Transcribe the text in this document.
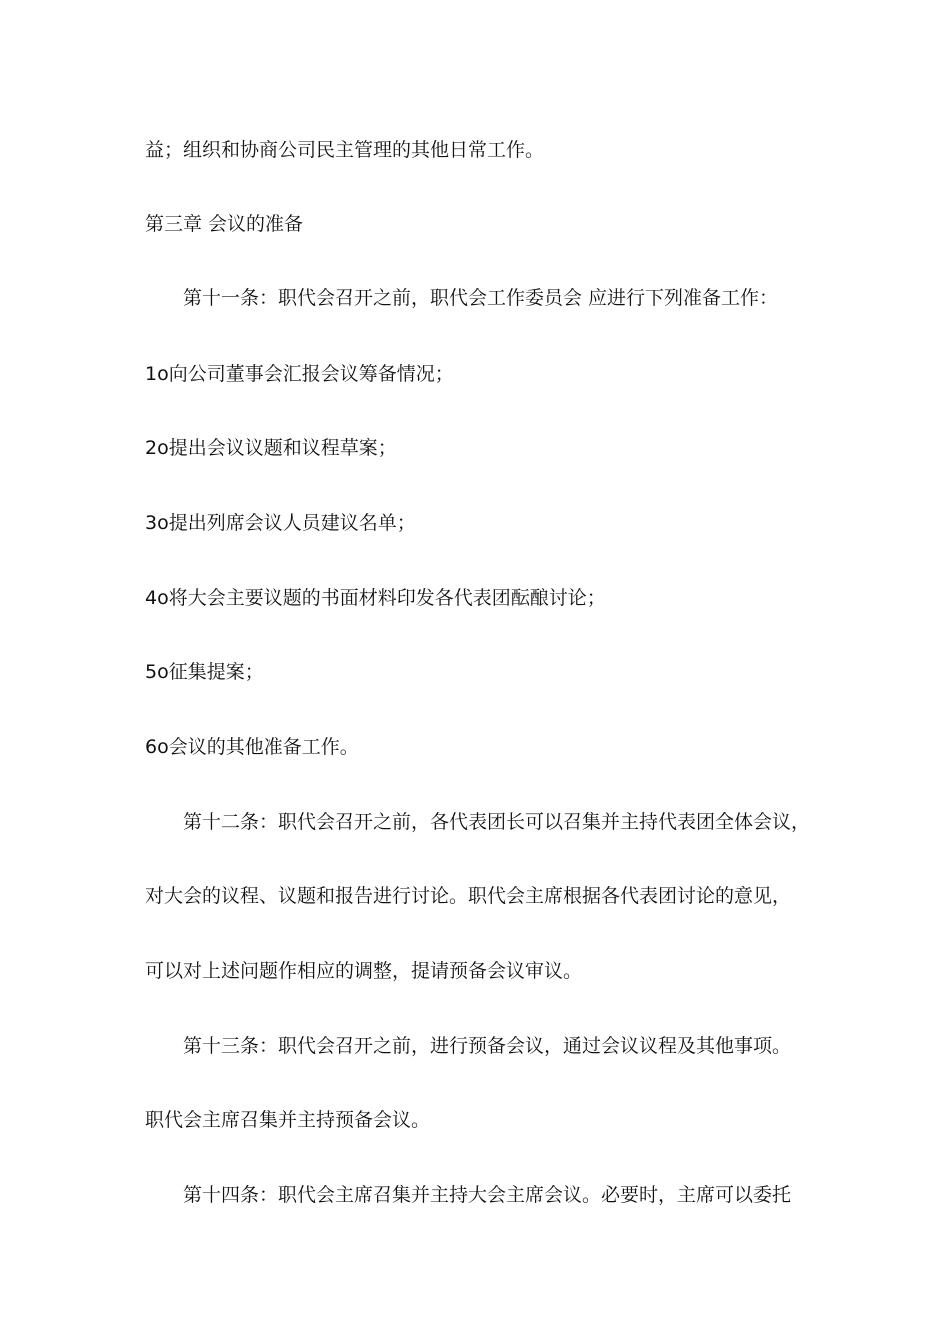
益；组织和协商公司民主管理的其他日常工作。
第三章 会议的准备
第十一条：职代会召开之前，职代会工作委员会 应进行下列准备工作：
1o向公司董事会汇报会议筹备情况；
2o提出会议议题和议程草案；
3o提出列席会议人员建议名单；
4o将大会主要议题的书面材料印发各代表团酝酿讨论；
5o征集提案；
6o会议的其他准备工作。
第十二条：职代会召开之前，各代表团长可以召集并主持代表团全体会议，
对大会的议程、议题和报告进行讨论。职代会主席根据各代表团讨论的意见，
可以对上述问题作相应的调整，提请预备会议审议。
第十三条：职代会召开之前，进行预备会议，通过会议议程及其他事项。
职代会主席召集并主持预备会议。
第十四条：职代会主席召集并主持大会主席会议。必要时，主席可以委托
